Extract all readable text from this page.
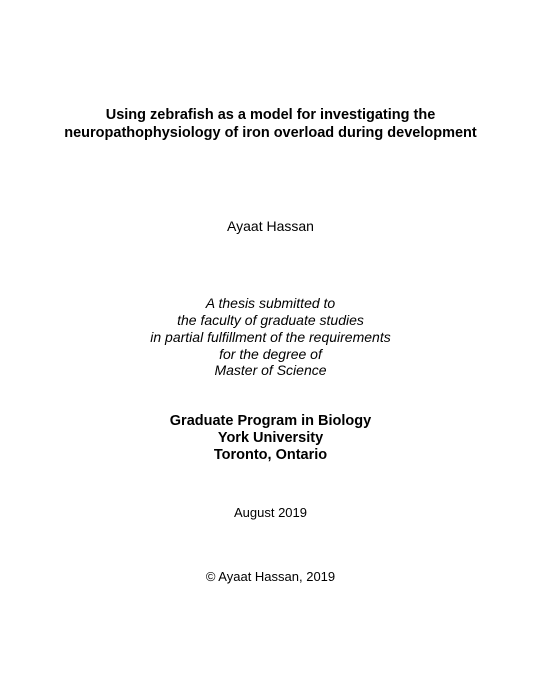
Using zebrafish as a model for investigating the
neuropathophysiology of iron overload during development
Ayaat Hassan
A thesis submitted to
the faculty of graduate studies
in partial fulfillment of the requirements
for the degree of
Master of Science
Graduate Program in Biology
York University
Toronto, Ontario
August 2019
© Ayaat Hassan, 2019
